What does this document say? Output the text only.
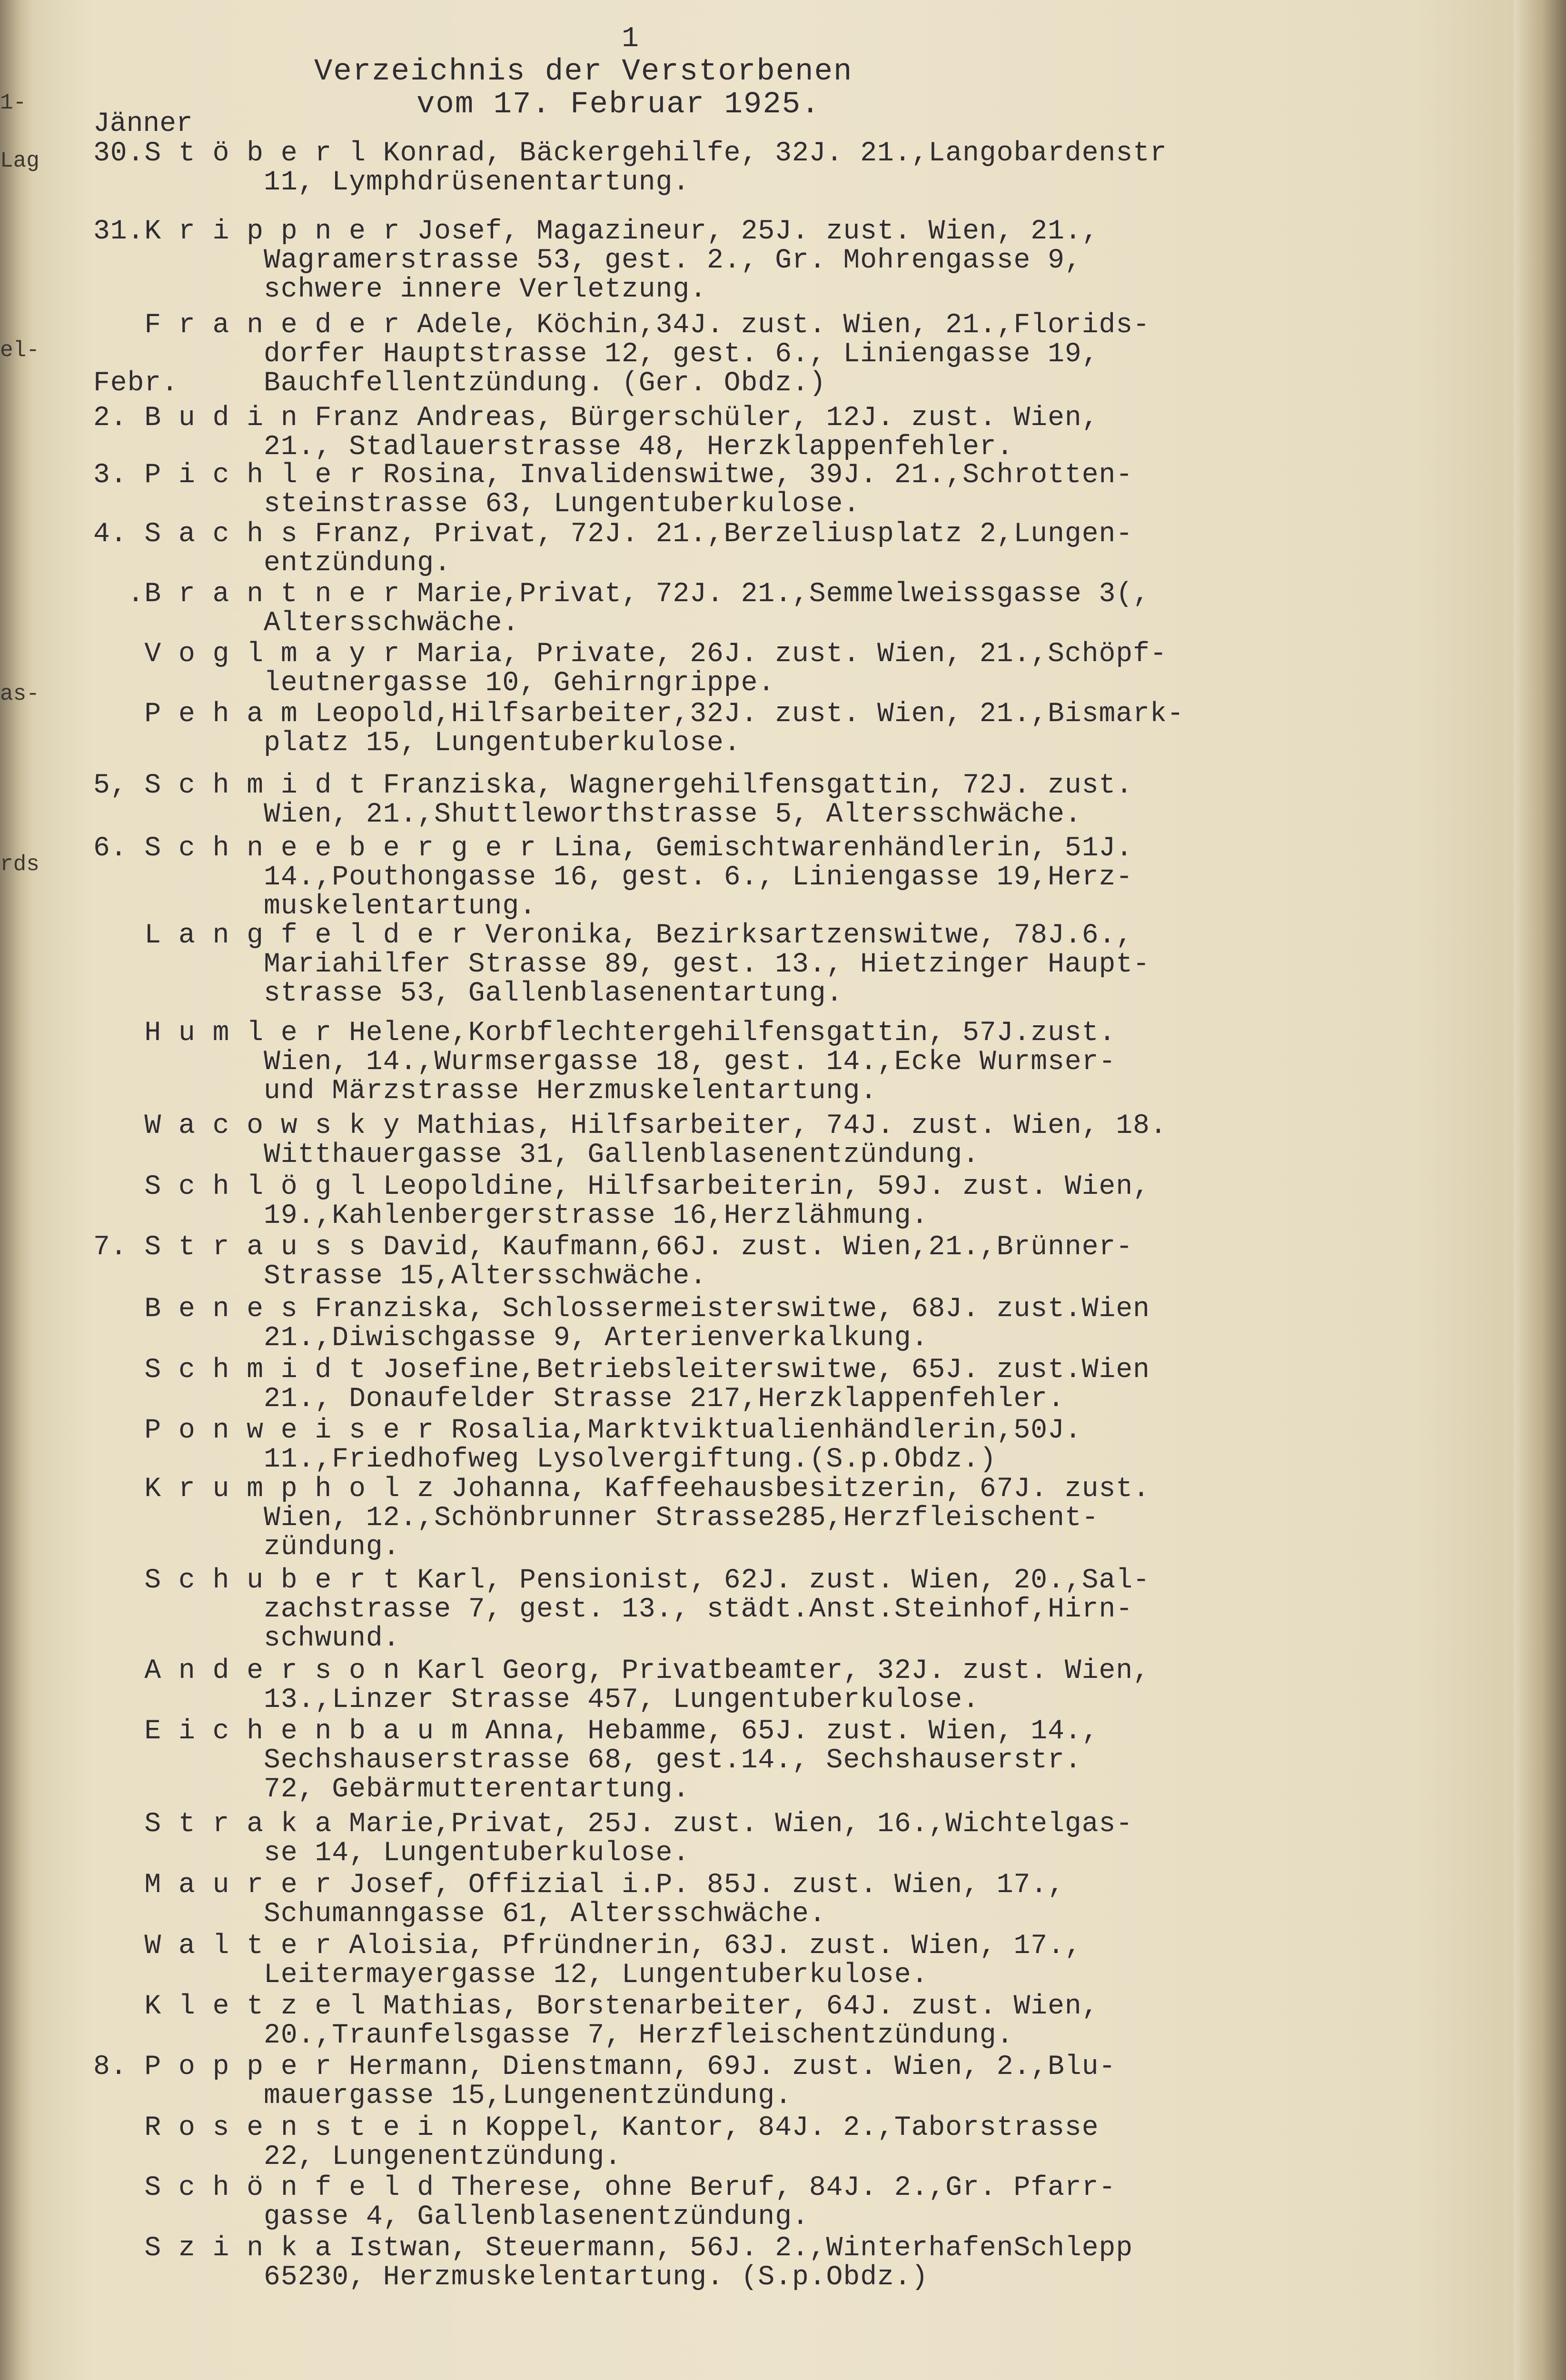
1-
Lag
el-
as-
rds
1
Verzeichnis der Verstorbenen
vom 17. Februar 1925.
Jänner
30.S t ö b e r l Konrad, Bäckergehilfe, 32J. 21.,Langobardenstr
11, Lymphdrüsenentartung.
31.K r i p p n e r Josef, Magazineur, 25J. zust. Wien, 21.,
Wagramerstrasse 53, gest. 2., Gr. Mohrengasse 9,
schwere innere Verletzung.
F r a n e d e r Adele, Köchin,34J. zust. Wien, 21.,Florids-
dorfer Hauptstrasse 12, gest. 6., Liniengasse 19,
Febr.     Bauchfellentzündung. (Ger. Obdz.)
2. B u d i n Franz Andreas, Bürgerschüler, 12J. zust. Wien,
21., Stadlauerstrasse 48, Herzklappenfehler.
3. P i c h l e r Rosina, Invalidenswitwe, 39J. 21.,Schrotten-
steinstrasse 63, Lungentuberkulose.
4. S a c h s Franz, Privat, 72J. 21.,Berzeliusplatz 2,Lungen-
entzündung.
.B r a n t n e r Marie,Privat, 72J. 21.,Semmelweissgasse 3(,
Altersschwäche.
V o g l m a y r Maria, Private, 26J. zust. Wien, 21.,Schöpf-
leutnergasse 10, Gehirngrippe.
P e h a m Leopold,Hilfsarbeiter,32J. zust. Wien, 21.,Bismark-
platz 15, Lungentuberkulose.
5, S c h m i d t Franziska, Wagnergehilfensgattin, 72J. zust.
Wien, 21.,Shuttleworthstrasse 5, Altersschwäche.
6. S c h n e e b e r g e r Lina, Gemischtwarenhändlerin, 51J.
14.,Pouthongasse 16, gest. 6., Liniengasse 19,Herz-
muskelentartung.
L a n g f e l d e r Veronika, Bezirksartzenswitwe, 78J.6.,
Mariahilfer Strasse 89, gest. 13., Hietzinger Haupt-
strasse 53, Gallenblasenentartung.
H u m l e r Helene,Korbflechtergehilfensgattin, 57J.zust.
Wien, 14.,Wurmsergasse 18, gest. 14.,Ecke Wurmser-
und Märzstrasse Herzmuskelentartung.
W a c o w s k y Mathias, Hilfsarbeiter, 74J. zust. Wien, 18.
Witthauergasse 31, Gallenblasenentzündung.
S c h l ö g l Leopoldine, Hilfsarbeiterin, 59J. zust. Wien,
19.,Kahlenbergerstrasse 16,Herzlähmung.
7. S t r a u s s David, Kaufmann,66J. zust. Wien,21.,Brünner-
Strasse 15,Altersschwäche.
B e n e s Franziska, Schlossermeisterswitwe, 68J. zust.Wien
21.,Diwischgasse 9, Arterienverkalkung.
S c h m i d t Josefine,Betriebsleiterswitwe, 65J. zust.Wien
21., Donaufelder Strasse 217,Herzklappenfehler.
P o n w e i s e r Rosalia,Marktviktualienhändlerin,50J.
11.,Friedhofweg Lysolvergiftung.(S.p.Obdz.)
K r u m p h o l z Johanna, Kaffeehausbesitzerin, 67J. zust.
Wien, 12.,Schönbrunner Strasse285,Herzfleischent-
zündung.
S c h u b e r t Karl, Pensionist, 62J. zust. Wien, 20.,Sal-
zachstrasse 7, gest. 13., städt.Anst.Steinhof,Hirn-
schwund.
A n d e r s o n Karl Georg, Privatbeamter, 32J. zust. Wien,
13.,Linzer Strasse 457, Lungentuberkulose.
E i c h e n b a u m Anna, Hebamme, 65J. zust. Wien, 14.,
Sechshauserstrasse 68, gest.14., Sechshauserstr.
72, Gebärmutterentartung.
S t r a k a Marie,Privat, 25J. zust. Wien, 16.,Wichtelgas-
se 14, Lungentuberkulose.
M a u r e r Josef, Offizial i.P. 85J. zust. Wien, 17.,
Schumanngasse 61, Altersschwäche.
W a l t e r Aloisia, Pfründnerin, 63J. zust. Wien, 17.,
Leitermayergasse 12, Lungentuberkulose.
K l e t z e l Mathias, Borstenarbeiter, 64J. zust. Wien,
20.,Traunfelsgasse 7, Herzfleischentzündung.
8. P o p p e r Hermann, Dienstmann, 69J. zust. Wien, 2.,Blu-
mauergasse 15,Lungenentzündung.
R o s e n s t e i n Koppel, Kantor, 84J. 2.,Taborstrasse
22, Lungenentzündung.
S c h ö n f e l d Therese, ohne Beruf, 84J. 2.,Gr. Pfarr-
gasse 4, Gallenblasenentzündung.
S z i n k a Istwan, Steuermann, 56J. 2.,WinterhafenSchlepp
65230, Herzmuskelentartung. (S.p.Obdz.)
